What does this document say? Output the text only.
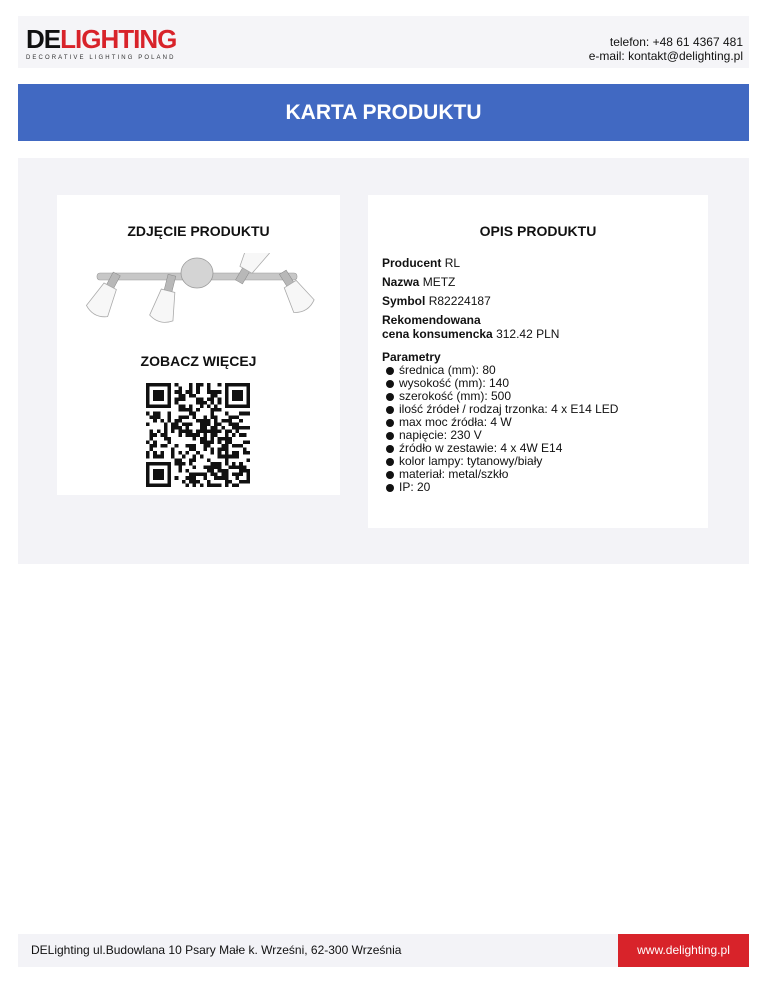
DELIGHTING
DECORATIVE LIGHTING POLAND
telefon: +48 61 4367 481
e-mail: kontakt@delighting.pl
KARTA PRODUKTU
ZDJĘCIE PRODUKTU
ZOBACZ WIĘCEJ
OPIS PRODUKTU
Producent RL
Nazwa METZ
Symbol R82224187
Rekomendowana
cena konsumencka 312.42 PLN
Parametry
średnica (mm): 80
wysokość (mm): 140
szerokość (mm): 500
ilość źródeł / rodzaj trzonka: 4 x E14 LED
max moc źródła: 4 W
napięcie: 230 V
źródło w zestawie: 4 x 4W E14
kolor lampy: tytanowy/biały
materiał: metal/szkło
IP: 20
DELighting ul.Budowlana 10 Psary Małe k. Wrześni, 62-300 Września	www.delighting.pl
